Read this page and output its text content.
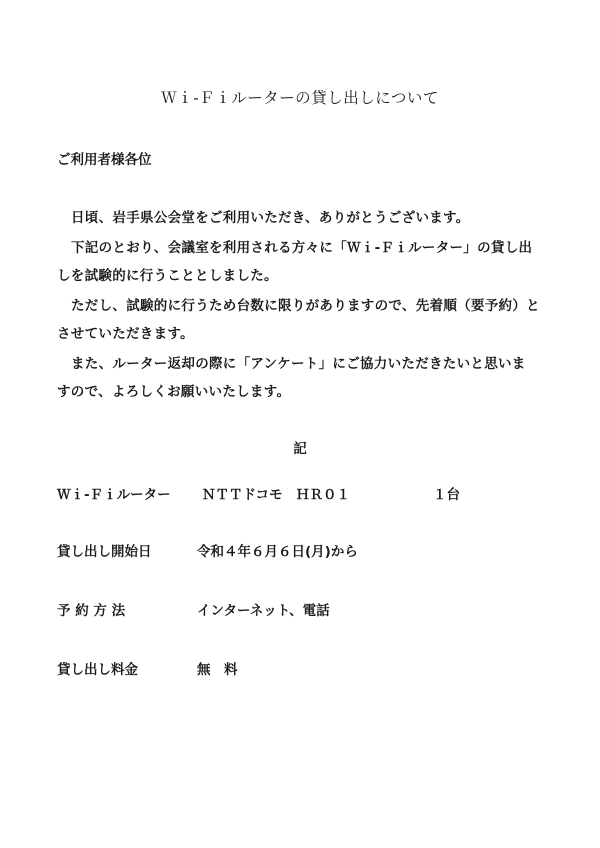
Ｗｉ-Ｆｉルーターの貸し出しについて
ご利用者様各位
日頃、岩手県公会堂をご利用いただき、ありがとうございます。
下記のとおり、会議室を利用される方々に「Ｗｉ-Ｆｉルーター」の貸し出
しを試験的に行うこととしました。
ただし、試験的に行うため台数に限りがありますので、先着順（要予約）と
させていただきます。
また、ルーター返却の際に「アンケート」にご協力いただきたいと思いま
すので、よろしくお願いいたします。
記
Ｗｉ-Ｆｉルーター ＮＴＴドコモ　ＨＲ０１	１台
貸し出し開始日	令和４年６月６日(月)から
予 約 方 法	インターネット、電話
貸し出し料金	無　料
